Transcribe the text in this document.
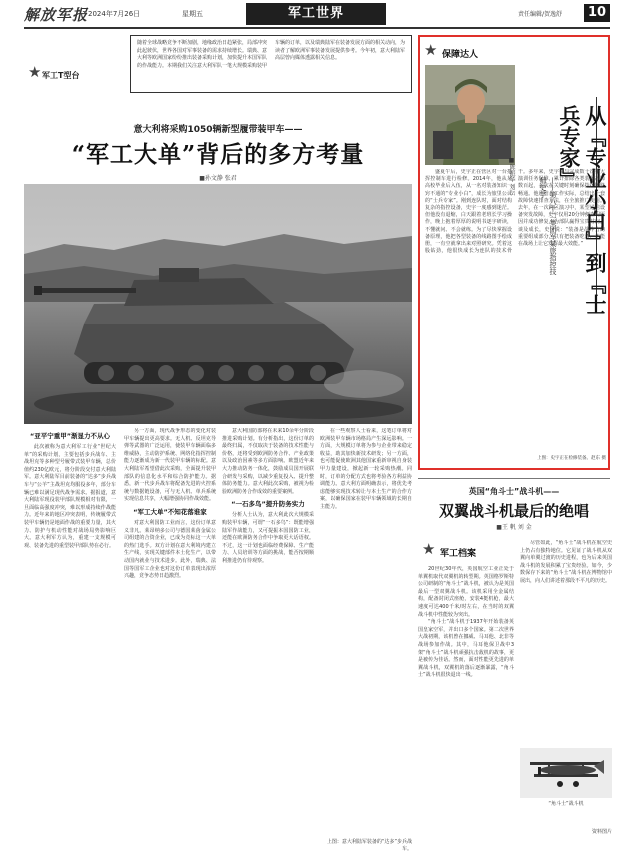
解放军报 2024年7月26日	星期五	军工世界	责任编辑/贺逸舒	10
★ 军工T型台
随着全球战略竞争不断加剧，地缘政治日趋紧张，局部冲突此起彼伏，世界各国对军事装备的需求持续增长。瑞典、意大利等欧洲国家纷纷推出装备采购计划，加快提升本国军队的作战能力。本期我们关注意大利军队一笔大规模采购装甲车辆的订单，以及瑞典陆军在装备发展方面的相关动向，为读者了解欧洲军事装备发展提供参考。今年初，意大利陆军高层曾向媒体透露相关信息。
意大利将采购1050辆新型履带装甲车——
“军工大单”背后的多方考量
■孙文静 张君
“亚平宁重甲”渐显力不从心

此次被称为意大利军工行业“世纪大单”的采购计划，主要包括步兵战车、主战坦克等多种型号履带式装甲车辆，总价值约230亿欧元，将分阶段交付意大利陆军。意大利陆军目前装备的“达多”步兵战车与“公羊”主战坦克均服役多年，部分车辆已难以满足现代战争需求。据报道，意大利陆军现役装甲部队规模相对有限，一旦面临高强度冲突，难以形成持续作战能力。近年来的地区冲突表明，传统履带式装甲车辆仍是地面作战的重要力量，其火力、防护与机动性能对战场局势影响巨大。意大利军方认为，重建一支规模可观、装备先进的重型装甲部队势在必行。

另一方面，现代战争形态的变化对装甲车辆提出更高要求。无人机、反坦克导弹等武器的广泛运用，使装甲车辆面临多维威胁，主动防护系统、网络化指挥控制能力逐渐成为新一代装甲车辆的标配。意大利陆军希望借此次采购，全面提升装甲部队的信息化水平和综合防护能力。据悉，新一代步兵战车将配备先进的火控系统与数据链设备，可与无人机、单兵系统实现信息共享，大幅增强协同作战效能。

“军工大单”不知花落谁家

对意大利国防工业而言，这份订单意义非凡。莱昂纳多公司与德国莱茵金属公司组建的合资企业，已成为竞标这一大单的热门选手。双方计划在意大利境内建立生产线，实现关键部件本土化生产，以带动国内就业与技术进步。此外，瑞典、法国等国军工企业也对这份订单表现出浓厚兴趣，竞争态势日趋激烈。

意大利国防部将在未来10余年分阶段推进采购计划。有分析指出，这份订单的最终归属，不仅取决于装备的技术性能与价格，还将受到欧洲防务合作、产业政策以及政治因素等多方面影响。欧盟近年来大力推动防务一体化，鼓励成员国开展联合研发与采购，以减少重复投入、提升整体防务能力。意大利此次采购，被视为检验欧洲防务合作成效的重要案例。

“一石多鸟”提升防务实力

分析人士认为，意大利此次大规模采购装甲车辆，可谓“一石多鸟”：既能增强陆军作战能力，又可提振本国国防工业，还能在欧洲防务合作中争取更大话语权。不过，这一计划也面临经费保障、生产能力、人员培训等方面的挑战，能否按期顺利推进仍有待观察。

在一些观察人士看来，这笔订单将对欧洲装甲车辆市场格局产生深远影响。一方面，大规模订单将为参与企业带来稳定收益，助其加快新技术研发；另一方面，也可能促使欧洲其他国家重新审视自身装甲力量建设，掀起新一轮采购热潮。同时，订单的分配方式也将考验各方利益协调能力。意大利方面明确表示，将优先考虑能够实现技术转让与本土生产的合作方案，以确保国家在装甲车辆领域的长期自主能力。

上图：意大利陆军装备的“达多”步兵战车。
★ 保障达人
■陈振华 刘岳
——第八十二集团军某旅指控技师史宇	从『专业小白』到『士兵专家』

盛夏午后，史宇正在营区对一台指挥控制车进行检修。2014年，他从某高校毕业后入伍，从一名对装备知识一窍不通的“专业小白”，成长为旅里公认的“士兵专家”。刚到连队时，面对结构复杂的指控设备，史宇一度感到迷茫。但他没有退缩，白天跟着老班长学习操作，晚上抱着厚厚的说明书逐字研读，不懂就问、不会就练。为了尽快掌握设备原理，他把各型装备的线路图手绘成册，一有空就拿出来对照研究。凭着这股钻劲，他很快成长为连队的技术骨干。多年来，史宇参与完成数十次重大演训任务保障，累计排除各类装备故障数百起，多次在关键时刻确保指挥链路畅通。他还结合工作实际，总结出一套故障快速排查方法，在全旅推广使用。去年，在一次跨区演习中，某型通信设备突发故障，史宇仅用20分钟便查明原因并成功修复，为部队赢得宝贵时间。谈及成长，史宇说：“装备是战斗力的重要组成部分，只有把装备吃透，才能在战场上让它发挥最大效能。”

上图：史宇正在检修装备。赵东 摄
英国“角斗士”战斗机——
双翼战斗机最后的绝唱
■王 帆 刘 金
★ 军工档案

20世纪30年代，英国航空工业正处于单翼机取代双翼机的转型期。英国格罗斯特公司研制的“角斗士”战斗机，被认为是英国最后一型双翼战斗机。该机采用全金属结构，配备封闭式座舱，安装4挺机枪，最大速度可达400千米/时左右，在当时的双翼战斗机中性能较为突出。

“角斗士”战斗机于1937年开始装备英国皇家空军，并出口多个国家。第二次世界大战初期，该机曾在挪威、马耳他、北非等战场参加作战。其中，马耳他保卫战中3架“角斗士”战斗机顽强抗击敌机的故事，更是被传为佳话。然而，面对性能更先进的单翼战斗机，双翼机的落后逐渐暴露，“角斗士”战斗机很快退出一线。

尽管如此，“角斗士”战斗机在航空史上仍占有独特地位。它见证了战斗机从双翼向单翼过渡的历史进程，也为后来英国战斗机的发展积累了宝贵经验。如今，少数保存下来的“角斗士”战斗机在博物馆中展出，向人们讲述着那段不平凡的历史。

“角斗士”战斗机
资料图片
